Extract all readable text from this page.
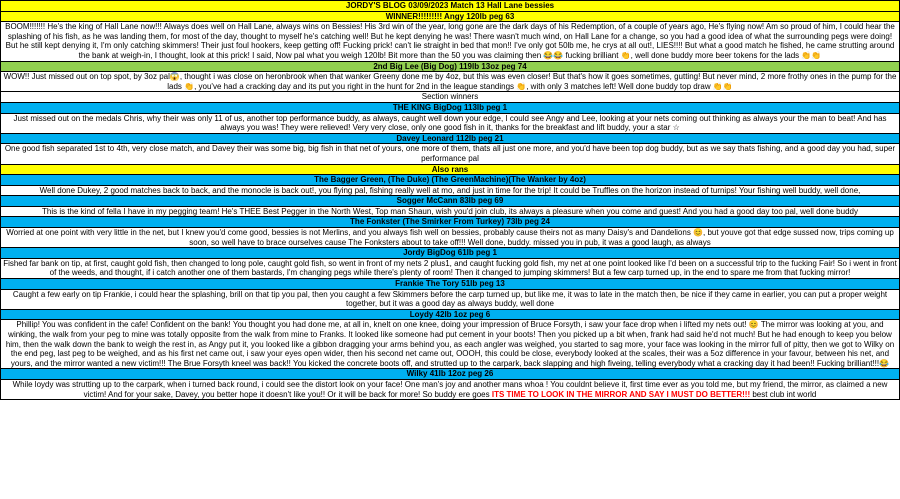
JORDY'S BLOG 03/09/2023 Match 13 Hall Lane bessies
WINNER!!!!!!!!! Angy 120lb peg 63
BOOM!!!!!!! He's the king of Hall Lane now!!! Always does well on Hall Lane, always wins on Bessies! His 3rd win of the year, long gone are the dark days of his Redemption, of a couple of years ago, He's flying now! Am so proud of him, I could hear the splashing of his fish, as he was landing them, for most of the day, thought to myself he's catching well! But he kept denying he was! There wasn't much wind, on Hall Lane for a change, so you had a good idea of what the surrounding pegs were doing! But he still kept denying it, I'm only catching skimmers! Their just foul hookers, keep getting off! Fucking prick! can't lie straight in bed that mon!! I've only got 50lb me, he crys at all out!, LIES!!!! But what a good match he fished, he came strutting around the bank at weigh-in, I thought, look at this prick! I said, Now pal what you weigh 120lb! Bit more than the 50 you was claiming then 😂😂 fucking brilliant 👏, well done buddy more beer tokens for the lads 👏👏
2nd Big Lee (Big Dog) 119lb 13oz peg 74
WOW!! Just missed out on top spot, by 3oz pal😱, thought i was close on heronbrook when that wanker Greeny done me by 4oz, but this was even closer! But that's how it goes sometimes, gutting! But never mind, 2 more frothy ones in the pump for the lads 👏, you've had a cracking day and its put you right in the hunt for 2nd in the league standings 👏, with only 3 matches left! Well done buddy top draw 👏👏
Section winners
THE KING BigDog 113lb peg 1
Just missed out on the medals Chris, why their was only 11 of us, another top performance buddy, as always, caught well down your edge, I could see Angy and Lee, looking at your nets coming out thinking as always your the man to beat! And has always you was! They were relieved! Very very close, only one good fish in it, thanks for the breakfast and lift buddy, your a star ☆
Davey Leonard 112lb peg 21
One good fish separated 1st to 4th, very close match, and Davey their was some big, big fish in that net of yours, one more of them, thats all just one more, and you'd have been top dog buddy, but as we say thats fishing, and a good day you had, super performance pal
Also rans
The Bagger Green, (The Duke) (The GreenMachine)(The Wanker by 4oz)
Well done Dukey, 2 good matches back to back, and the monocle is back out!, you flying pal, fishing really well at mo, and just in time for the trip! It could be Truffles on the horizon instead of turnips! Your fishing well buddy, well done,
Sogger McCann 83lb peg 69
This is the kind of fella I have in my pegging team! He's THEE Best Pegger in the North West, Top man Shaun, wish you'd join club, its always a pleasure when you come and guest! And you had a good day too pal, well done buddy
The Fonkster (The Smirker From Turkey) 73lb peg 24
Worried at one point with very little in the net, but I knew you'd come good, bessies is not Merlins, and you always fish well on bessies, probably cause theirs not as many Daisy's and Dandelions 😊, but youve got that edge sussed now, trips coming up soon, so well have to brace ourselves cause The Fonksters about to take off!!! Well done, buddy. missed you in pub, it was a good laugh, as always
Jordy BigDog 61lb peg 1
Fished far bank on tip, at first, caught gold fish, then changed to long pole, caught gold fish, so went in front of my nets 2 plus1, and caught fucking gold fish, my net at one point looked like I'd been on a successful trip to the fucking Fair! So i went in front of the weeds, and thought, if i catch another one of them bastards, I'm changing pegs while there's plenty of room! Then it changed to jumping skimmers! But a few carp turned up, in the end to spare me from that fucking mirror!
Frankie The Tory 51lb peg 13
Caught a few early on tip Frankie, i could hear the splashing, brill on that tip you pal, then you caught a few Skimmers before the carp turned up, but like me, it was to late in the match then, be nice if they came in earlier, you can put a proper weight together, but it was a good day as always buddy, well done
Loydy 42lb 1oz peg 6
Phillip! You was confident in the cafe! Confident on the bank! You thought you had done me, at all in, knelt on one knee, doing your impression of Bruce Forsyth, i saw your face drop when i lifted my nets out! 😊 The mirror was looking at you, and winking, the walk from your peg to mine was totally opposite from the walk from mine to Franks. It looked like someone had put cement in your boots! Then you picked up a bit when, frank had said he'd not much! But he had enough to keep you below him, then the walk down the bank to weigh the rest in, as Angy put it, you looked like a gibbon dragging your arms behind you, as each angler was weighed, you started to sag more, your face was looking in the mirror full of pitty, then we got to Wilky on the end peg, last peg to be weighed, and as his first net came out, i saw your eyes open wider, then his second net came out, OOOH, this could be close, everybody looked at the scales, their was a 5oz difference in your favour, between his net, and yours, and the mirror wanted a new victim!!! The Brue Forsyth kneel was back!! You kicked the concrete boots off, and strutted up to the carpark, back slapping and high fiveing, telling everybody what a cracking day it had been!! Fucking brilliant!!!😂
Wilky 41lb 12oz peg 26
While loydy was strutting up to the carpark, when i turned back round, i could see the distort look on your face! One man's joy and another mans whoa ! You couldnt believe it, first time ever as you told me, but my friend, the mirror, as claimed a new victim! And for your sake, Davey, you better hope it doesn't like you!! Or it will be back for more! So buddy ere goes ITS TIME TO LOOK IN THE MIRROR AND SAY I MUST DO BETTER!!! best club int world
